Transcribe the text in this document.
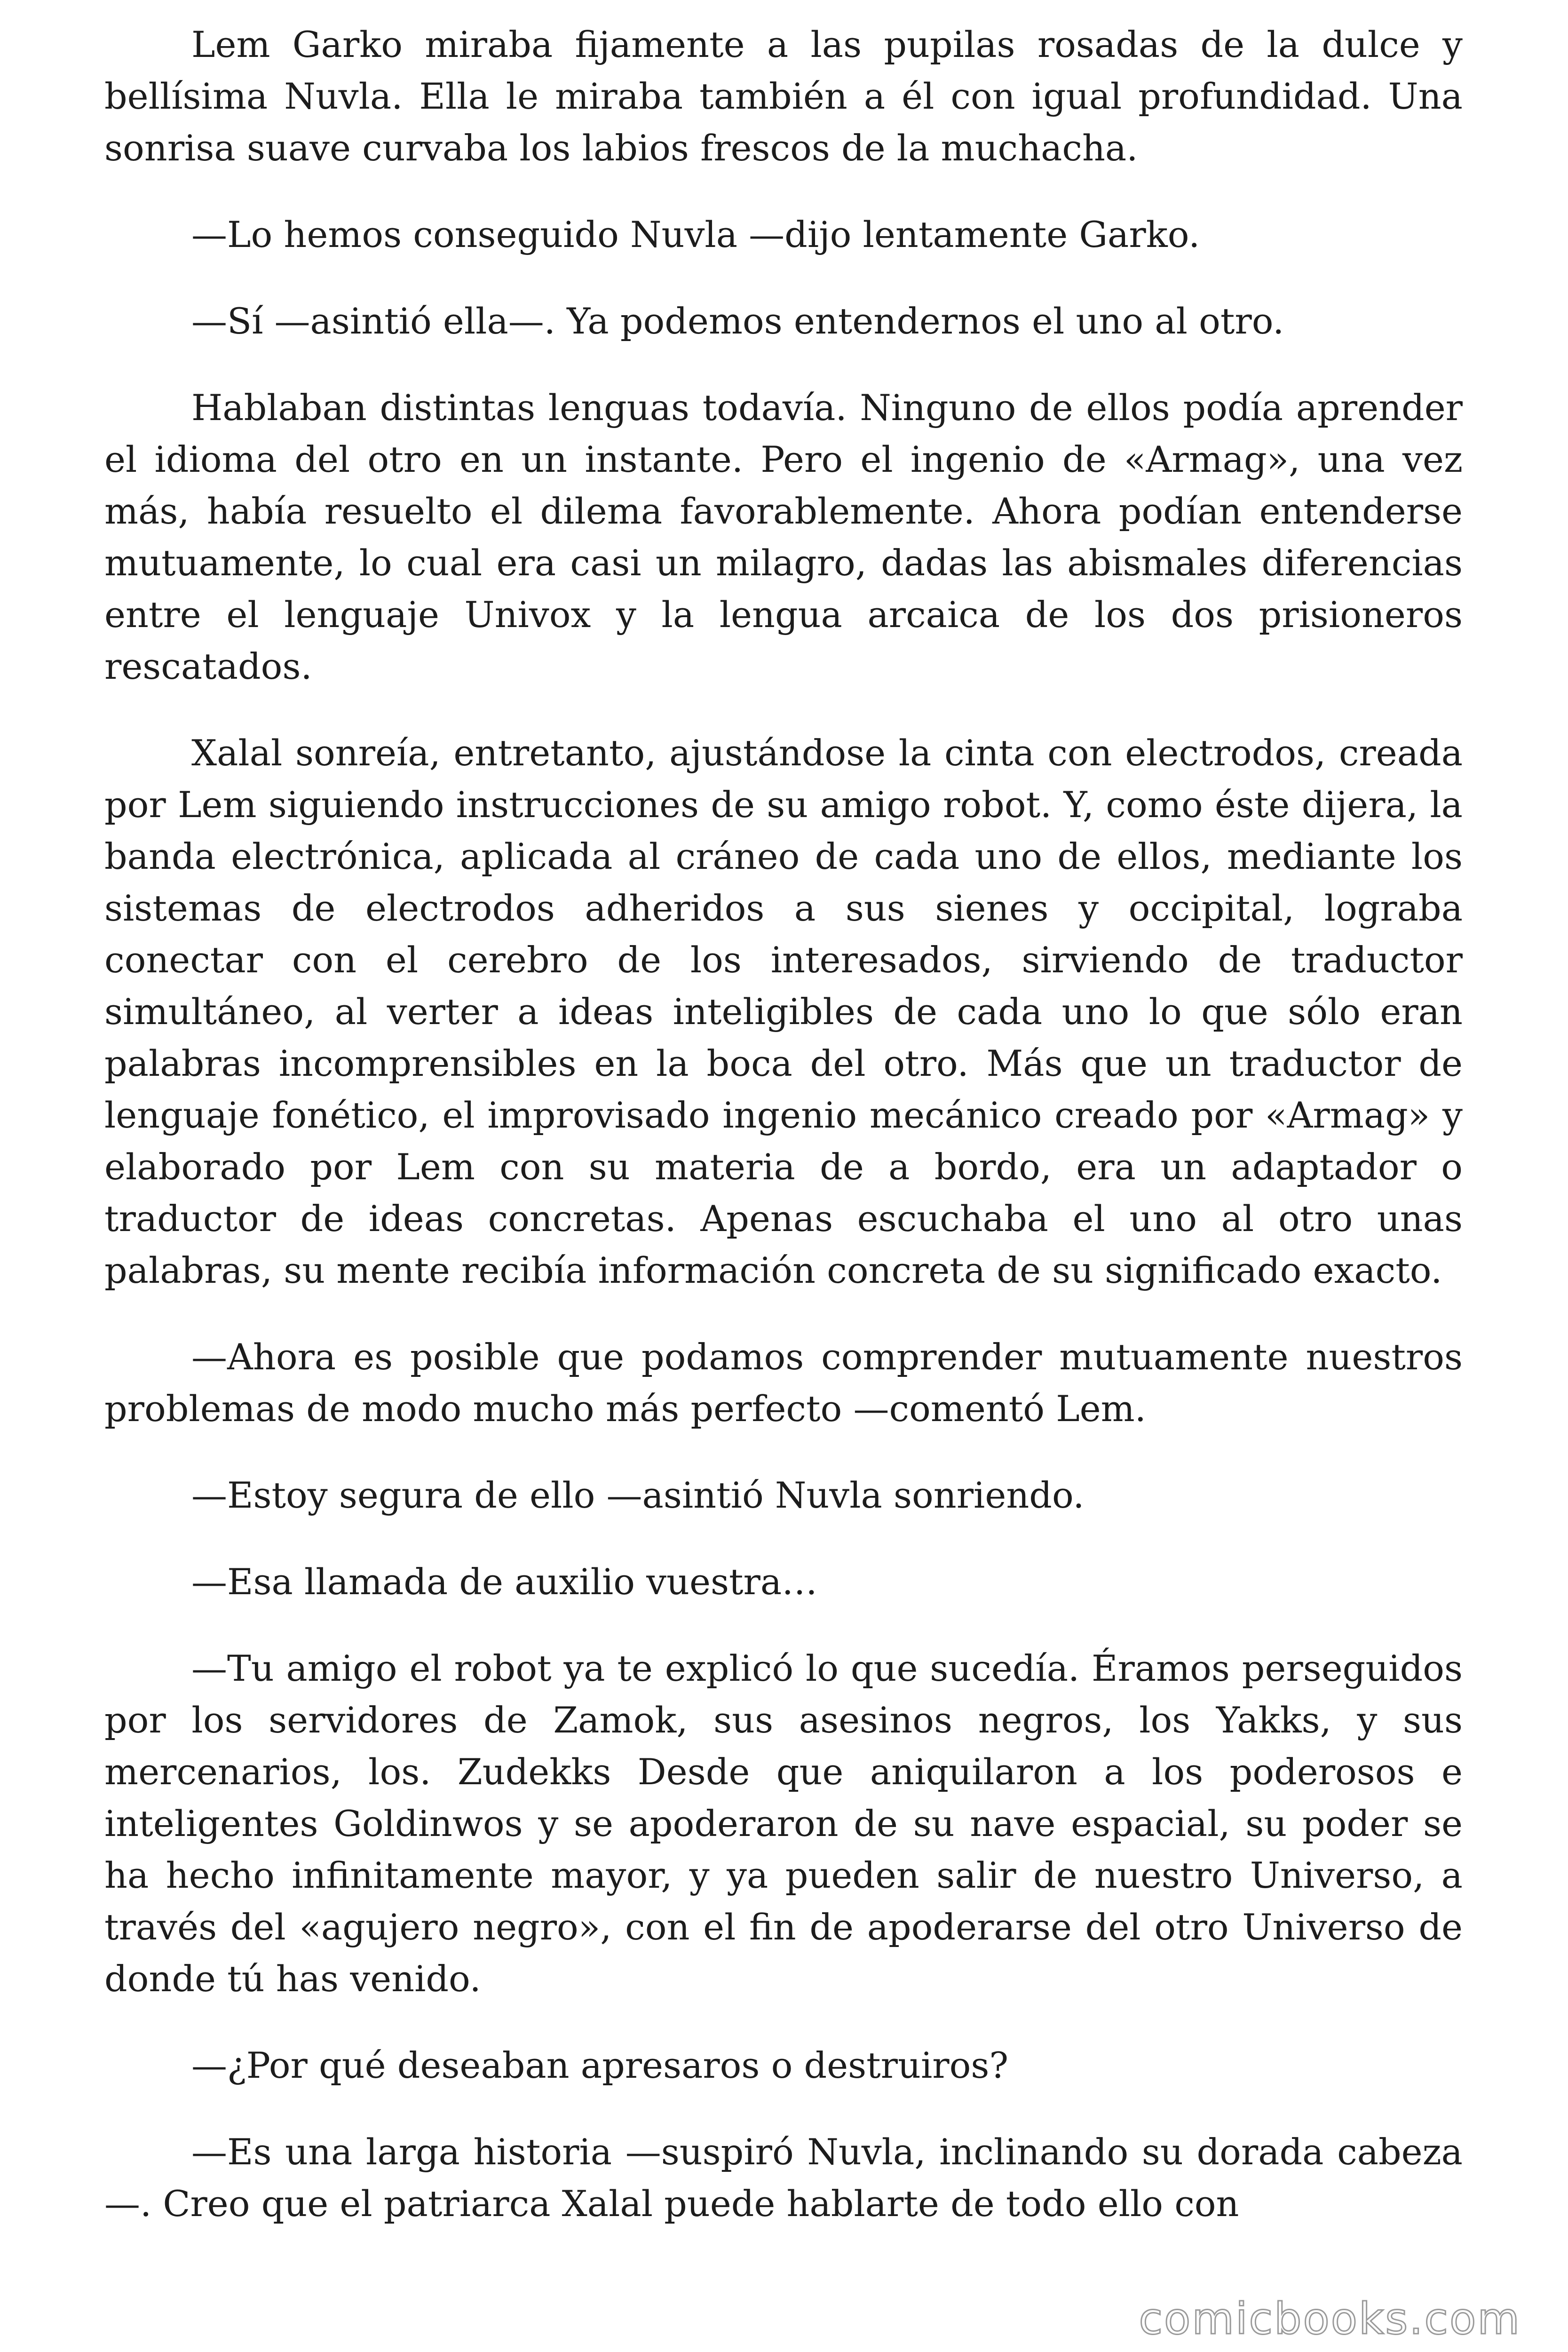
Lem Garko miraba fijamente a las pupilas rosadas de la dulce y bellísima Nuvla. Ella le miraba también a él con igual profundidad. Una sonrisa suave curvaba los labios frescos de la muchacha.

—Lo hemos conseguido Nuvla —dijo lentamente Garko.

—Sí —asintió ella—. Ya podemos entendernos el uno al otro.

Hablaban distintas lenguas todavía. Ninguno de ellos podía aprender el idioma del otro en un instante. Pero el ingenio de «Armag», una vez más, había resuelto el dilema favorablemente. Ahora podían entenderse mutuamente, lo cual era casi un milagro, dadas las abismales diferencias entre el lenguaje Univox y la lengua arcaica de los dos prisioneros rescatados.

Xalal sonreía, entretanto, ajustándose la cinta con electrodos, creada por Lem siguiendo instrucciones de su amigo robot. Y, como éste dijera, la banda electrónica, aplicada al cráneo de cada uno de ellos, mediante los sistemas de electrodos adheridos a sus sienes y occipital, lograba conectar con el cerebro de los interesados, sirviendo de traductor simultáneo, al verter a ideas inteligibles de cada uno lo que sólo eran palabras incomprensibles en la boca del otro. Más que un traductor de lenguaje fonético, el improvisado ingenio mecánico creado por «Armag» y elaborado por Lem con su materia de a bordo, era un adaptador o traductor de ideas concretas. Apenas escuchaba el uno al otro unas palabras, su mente recibía información concreta de su significado exacto.

—Ahora es posible que podamos comprender mutuamente nuestros problemas de modo mucho más perfecto —comentó Lem.

—Estoy segura de ello —asintió Nuvla sonriendo.

—Esa llamada de auxilio vuestra…

—Tu amigo el robot ya te explicó lo que sucedía. Éramos perseguidos por los servidores de Zamok, sus asesinos negros, los Yakks, y sus mercenarios, los. Zudekks Desde que aniquilaron a los poderosos e inteligentes Goldinwos y se apoderaron de su nave espacial, su poder se ha hecho infinitamente mayor, y ya pueden salir de nuestro Universo, a través del «agujero negro», con el fin de apoderarse del otro Universo de donde tú has venido.

—¿Por qué deseaban apresaros o destruiros?

—Es una larga historia —suspiró Nuvla, inclinando su dorada cabeza—. Creo que el patriarca Xalal puede hablarte de todo ello con

comicbooks.com
